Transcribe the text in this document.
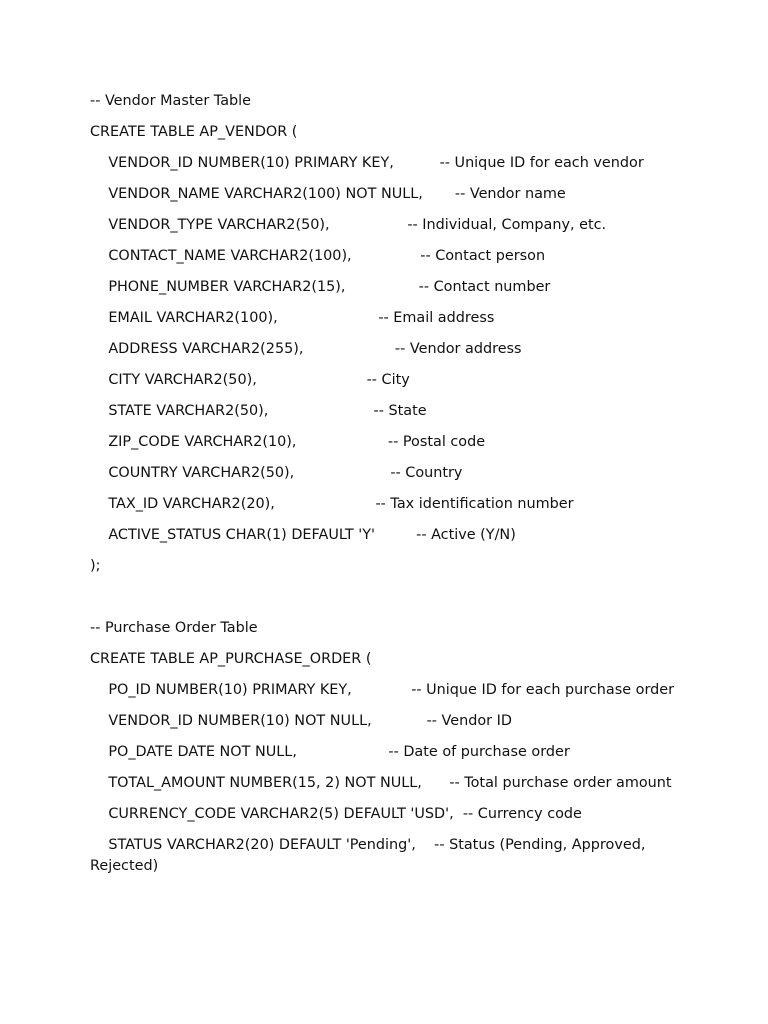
-- Vendor Master Table
CREATE TABLE AP_VENDOR (
VENDOR_ID NUMBER(10) PRIMARY KEY,          -- Unique ID for each vendor
VENDOR_NAME VARCHAR2(100) NOT NULL,       -- Vendor name
VENDOR_TYPE VARCHAR2(50),                 -- Individual, Company, etc.
CONTACT_NAME VARCHAR2(100),               -- Contact person
PHONE_NUMBER VARCHAR2(15),                -- Contact number
EMAIL VARCHAR2(100),                      -- Email address
ADDRESS VARCHAR2(255),                    -- Vendor address
CITY VARCHAR2(50),                        -- City
STATE VARCHAR2(50),                       -- State
ZIP_CODE VARCHAR2(10),                    -- Postal code
COUNTRY VARCHAR2(50),                     -- Country
TAX_ID VARCHAR2(20),                      -- Tax identification number
ACTIVE_STATUS CHAR(1) DEFAULT 'Y'         -- Active (Y/N)
);
-- Purchase Order Table
CREATE TABLE AP_PURCHASE_ORDER (
PO_ID NUMBER(10) PRIMARY KEY,             -- Unique ID for each purchase order
VENDOR_ID NUMBER(10) NOT NULL,            -- Vendor ID
PO_DATE DATE NOT NULL,                    -- Date of purchase order
TOTAL_AMOUNT NUMBER(15, 2) NOT NULL,      -- Total purchase order amount
CURRENCY_CODE VARCHAR2(5) DEFAULT 'USD',  -- Currency code
STATUS VARCHAR2(20) DEFAULT 'Pending',    -- Status (Pending, Approved, Rejected)
